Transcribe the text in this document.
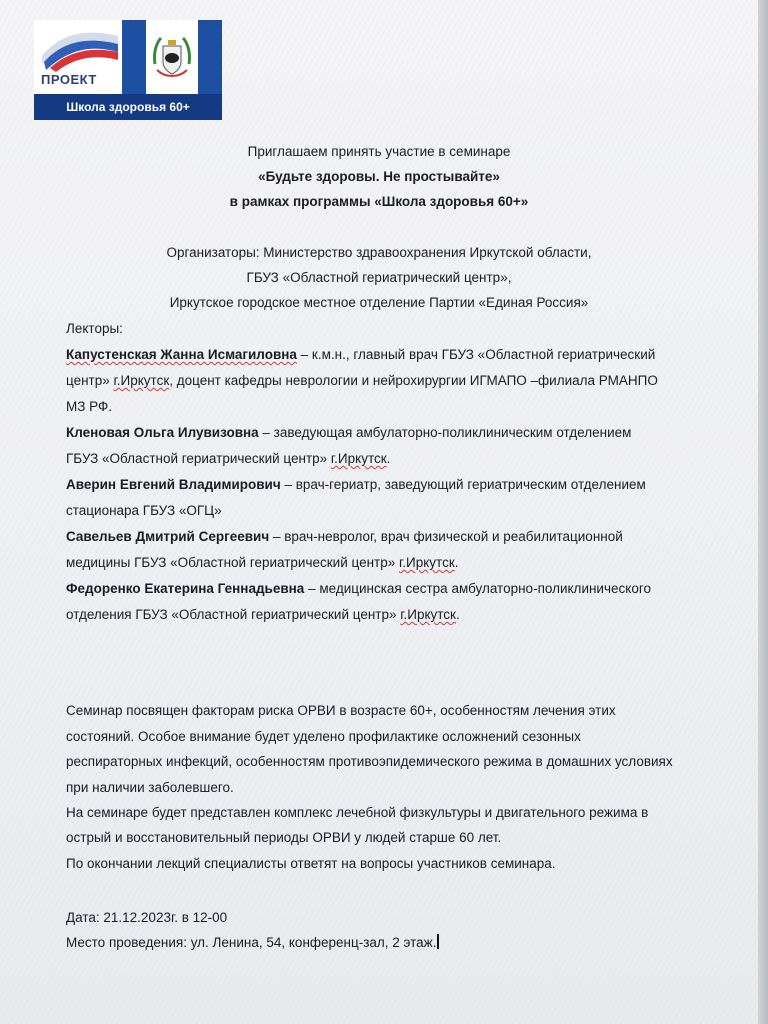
ПРОЕКТ
Школа здоровья 60+
Приглашаем принять участие в семинаре
«Будьте здоровы. Не простывайте»
в рамках программы «Школа здоровья 60+»
Организаторы: Министерство здравоохранения Иркутской области,
ГБУЗ «Областной гериатрический центр»,
Иркутское городское местное отделение Партии «Единая Россия»
Лекторы:
Капустенская Жанна Исмагиловна – к.м.н., главный врач ГБУЗ «Областной гериатрический
центр» г.Иркутск, доцент кафедры неврологии и нейрохирургии ИГМАПО –филиала РМАНПО
МЗ РФ.
Кленовая Ольга Илувизовна – заведующая амбулаторно-поликлиническим отделением
ГБУЗ «Областной гериатрический центр» г.Иркутск.
Аверин Евгений Владимирович – врач-гериатр, заведующий гериатрическим отделением
стационара ГБУЗ «ОГЦ»
Савельев Дмитрий Сергеевич – врач-невролог, врач физической и реабилитационной
медицины ГБУЗ «Областной гериатрический центр» г.Иркутск.
Федоренко Екатерина Геннадьевна – медицинская сестра амбулаторно-поликлинического
отделения ГБУЗ «Областной гериатрический центр» г.Иркутск.
Семинар посвящен факторам риска ОРВИ в возрасте 60+, особенностям лечения этих
состояний. Особое внимание будет уделено профилактике осложнений сезонных
респираторных инфекций, особенностям противоэпидемического режима в домашних условиях
при наличии заболевшего.
На семинаре будет представлен комплекс лечебной физкультуры и двигательного режима в
острый и восстановительный периоды ОРВИ у людей старше 60 лет.
По окончании лекций специалисты ответят на вопросы участников семинара.
Дата: 21.12.2023г. в 12-00
Место проведения: ул. Ленина, 54, конференц-зал, 2 этаж.
